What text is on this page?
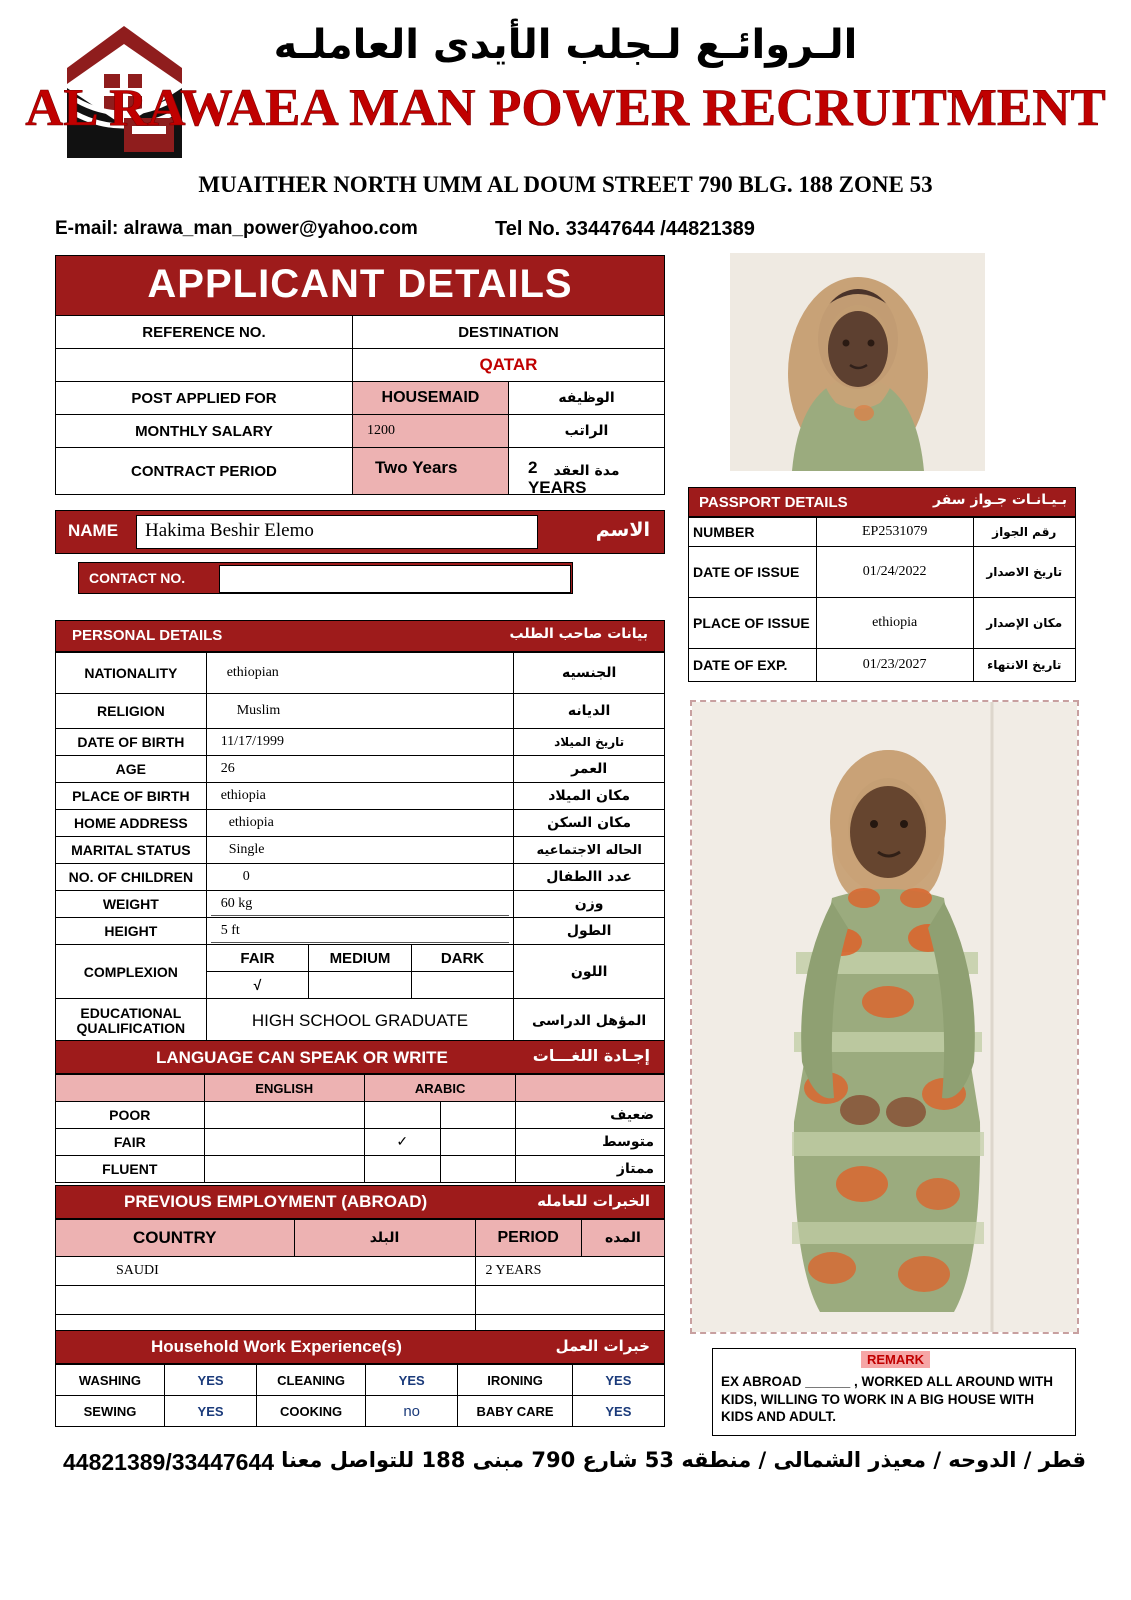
الـروائـع لـجلب الأيدى العاملـه
AL RAWAEA MAN POWER RECRUITMENT
MUAITHER NORTH UMM AL DOUM STREET 790 BLG. 188 ZONE 53
E-mail: alrawa_man_power@yahoo.com	Tel No. 33447644 /44821389
APPLICANT DETAILS
REFERENCE NO.	DESTINATION	
	QATAR	
POST APPLIED FOR	HOUSEMAID	الوظيفه
MONTHLY SALARY	1200	الراتب
CONTRACT PERIOD	Two Years 2 YEARS	مدة العقد
NAME	Hakima Beshir Elemo	الاسم
CONTACT NO.
PERSONAL DETAILS	بيانات صاحب الطلب
NATIONALITY	ethiopian			الجنسيه
RELIGION	Muslim			الديانه
DATE OF BIRTH	11/17/1999			تاريخ الميلاد
AGE	26			العمر
PLACE OF BIRTH	ethiopia			مكان الميلاد
HOME ADDRESS	ethiopia			مكان السكن
MARITAL STATUS	Single			الحاله الاجتماعيه
NO. OF CHILDREN	0			عدد االطفال
WEIGHT	60 kg			وزن
HEIGHT	5 ft			الطول
COMPLEXION	FAIR	MEDIUM	DARK	اللون
	√			
EDUCATIONAL QUALIFICATION	HIGH SCHOOL GRADUATE			المؤهل الدراسى
LANGUAGE CAN SPEAK OR WRITE	إجـادة اللغـــات
	ENGLISH	ARABIC		
POOR				ضعيف
FAIR		✓		متوسط
FLUENT				ممتاز
PREVIOUS EMPLOYMENT (ABROAD)	الخبرات للعامله
COUNTRY	البلد	PERIOD	المده
SAUDI		2 YEARS	

Household Work Experience(s)	خبرات العمل
WASHING	YES	CLEANING	YES	IRONING	YES
SEWING	YES	COOKING	no	BABY CARE	YES
PASSPORT DETAILS	بـيـانـات جـواز سفر
NUMBER	EP2531079	رقم الجواز
DATE OF ISSUE	01/24/2022	تاريخ الاصدار
PLACE OF ISSUE	ethiopia	مكان الإصدار
DATE OF EXP.	01/23/2027	تاريخ الانتهاء
REMARK
EX ABROAD ______ , WORKED ALL AROUND WITH KIDS, WILLING TO WORK IN A BIG HOUSE WITH KIDS AND ADULT.
قطر / الدوحه / معيذر الشمالى / منطقه 53 شارع 790 مبنى 188 للتواصل معنا
44821389/33447644
